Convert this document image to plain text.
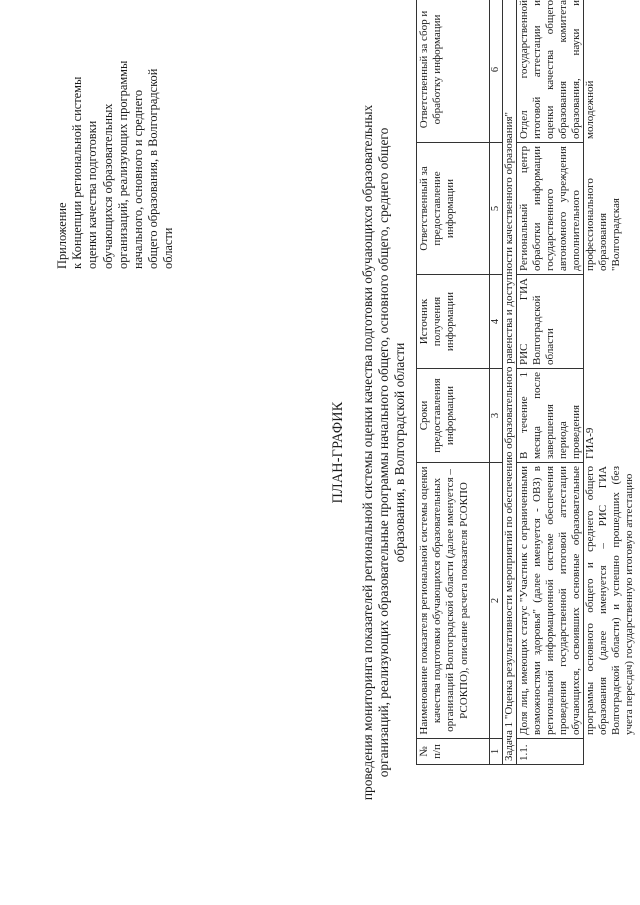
Приложение к Концепции региональной системы оценки качества подготовки обучающихся образовательных организаций, реализующих программы начального, основного и среднего общего образования, в Волгоградской области
ПЛАН-ГРАФИК проведения мониторинга показателей региональной системы оценки качества подготовки обучающихся образовательных организаций, реализующих образовательные программы начального общего, основного общего, среднего общего образования, в Волгоградской области
№ п/п	Наименование показателя региональной системы оценки качества подготовки обучающихся образовательных организаций Волгоградской области (далее именуется – РСОКПО), описание расчета показателя РСОКПО	Сроки предоставления информации	Источник получения информации	Ответственный за предоставление информации	Ответственный за сбор и обработку информации
1	2	3	4	5	6
Задача 1 "Оценка результативности мероприятий по обеспечению образовательного равенства и доступности качественного образования"					

1.1.	Доля лиц, имеющих статус "Участник с ограниченными возможностями здоровья" (далее именуется - ОВЗ) в региональной информационной системе обеспечения проведения государственной итоговой аттестации обучающихся, освоивших основные образовательные программы основного общего и среднего общего образования (далее именуется – РИС ГИА Волгоградской области) и успешно прошедших (без учета пересдач) государственную итоговую аттестацию	В течение 1 месяца после завершения периода проведения ГИА-9	РИС ГИА Волгоградской области	Региональный центр обработки информации государственного автономного учреждения дополнительного профессионального образования "Волгоградская	Отдел государственной итоговой аттестации и оценки качества общего образования комитета образования, науки и молодежной
